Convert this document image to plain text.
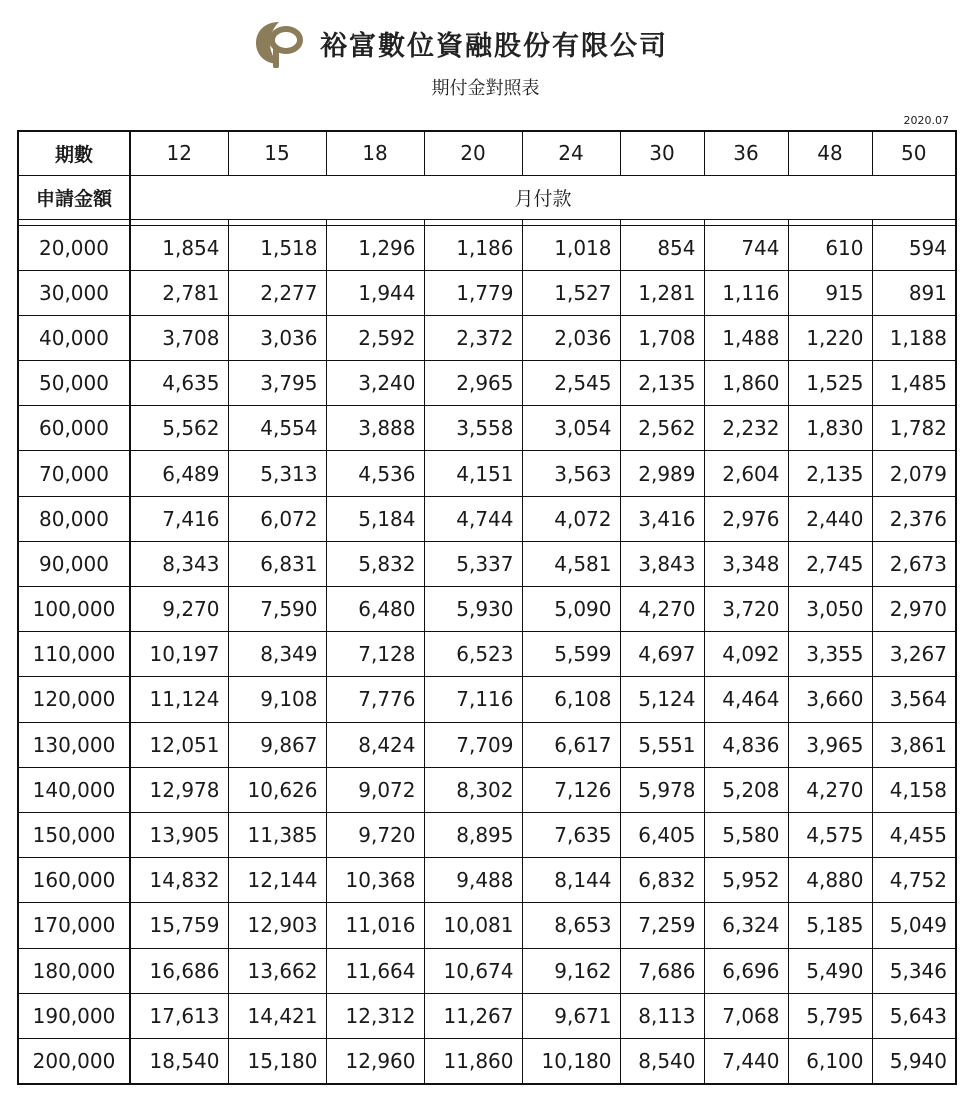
裕富數位資融股份有限公司
期付金對照表
2020.07
期數	12	15	18	20	24	30	36	48	50
申請金額	月付款								

20,000	1,854	1,518	1,296	1,186	1,018	854	744	610	594
30,000	2,781	2,277	1,944	1,779	1,527	1,281	1,116	915	891
40,000	3,708	3,036	2,592	2,372	2,036	1,708	1,488	1,220	1,188
50,000	4,635	3,795	3,240	2,965	2,545	2,135	1,860	1,525	1,485
60,000	5,562	4,554	3,888	3,558	3,054	2,562	2,232	1,830	1,782
70,000	6,489	5,313	4,536	4,151	3,563	2,989	2,604	2,135	2,079
80,000	7,416	6,072	5,184	4,744	4,072	3,416	2,976	2,440	2,376
90,000	8,343	6,831	5,832	5,337	4,581	3,843	3,348	2,745	2,673
100,000	9,270	7,590	6,480	5,930	5,090	4,270	3,720	3,050	2,970
110,000	10,197	8,349	7,128	6,523	5,599	4,697	4,092	3,355	3,267
120,000	11,124	9,108	7,776	7,116	6,108	5,124	4,464	3,660	3,564
130,000	12,051	9,867	8,424	7,709	6,617	5,551	4,836	3,965	3,861
140,000	12,978	10,626	9,072	8,302	7,126	5,978	5,208	4,270	4,158
150,000	13,905	11,385	9,720	8,895	7,635	6,405	5,580	4,575	4,455
160,000	14,832	12,144	10,368	9,488	8,144	6,832	5,952	4,880	4,752
170,000	15,759	12,903	11,016	10,081	8,653	7,259	6,324	5,185	5,049
180,000	16,686	13,662	11,664	10,674	9,162	7,686	6,696	5,490	5,346
190,000	17,613	14,421	12,312	11,267	9,671	8,113	7,068	5,795	5,643
200,000	18,540	15,180	12,960	11,860	10,180	8,540	7,440	6,100	5,940
